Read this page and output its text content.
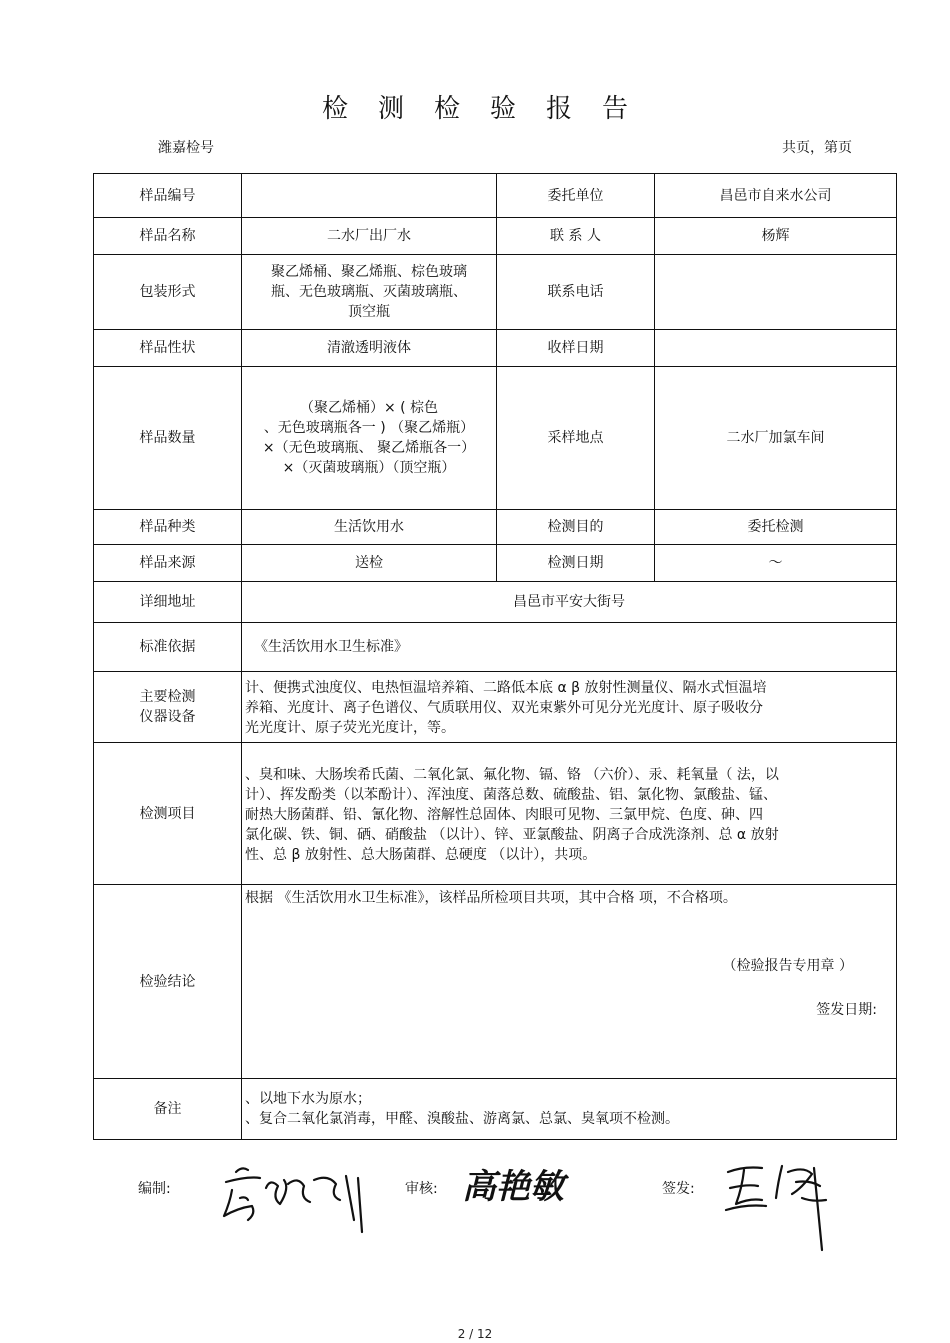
检测检验报告
潍嘉检号	共页，第页
样品编号		委托单位	昌邑市自来水公司
样品名称	二水厂出厂水	联 系 人	杨辉
包装形式	聚乙烯桶、聚乙烯瓶、棕色玻璃
瓶、无色玻璃瓶、灭菌玻璃瓶、
顶空瓶	联系电话	
样品性状	清澈透明液体	收样日期	
样品数量	（聚乙烯桶）× ( 棕色
、无色玻璃瓶各一 ) （聚乙烯瓶）
×（无色玻璃瓶、 聚乙烯瓶各一）
×（灭菌玻璃瓶）（顶空瓶）	采样地点	二水厂加氯车间
样品种类	生活饮用水	检测目的	委托检测
样品来源	送检	检测日期	～
详细地址	昌邑市平安大街号		
标准依据	《生活饮用水卫生标准》		
主要检测
仪器设备	计、便携式浊度仪、电热恒温培养箱、二路低本底 α β 放射性测量仪、隔水式恒温培
养箱、光度计、离子色谱仪、气质联用仪、双光束紫外可见分光光度计、原子吸收分
光光度计、原子荧光光度计，等。		
检测项目	、臭和味、大肠埃希氏菌、二氧化氯、氟化物、镉、铬 （六价）、汞、耗氧量（ 法，以
计）、挥发酚类（以苯酚计）、浑浊度、菌落总数、硫酸盐、铝、氯化物、氯酸盐、锰、
耐热大肠菌群、铅、氰化物、溶解性总固体、肉眼可见物、三氯甲烷、色度、砷、四
氯化碳、铁、铜、硒、硝酸盐 （以计）、锌、亚氯酸盐、阴离子合成洗涤剂、总 α 放射
性、总 β 放射性、总大肠菌群、总硬度 （以计），共项。		
检验结论	根据 《生活饮用水卫生标准》，该样品所检项目共项，其中合格 项，不合格项。
（检验报告专用章 ）
签发日期:		

备注	、以地下水为原水；
、复合二氧化氯消毒，甲醛、溴酸盐、游离氯、总氯、臭氧项不检测。		
编制:	审核: 高艳敏	签发:
2 / 12
